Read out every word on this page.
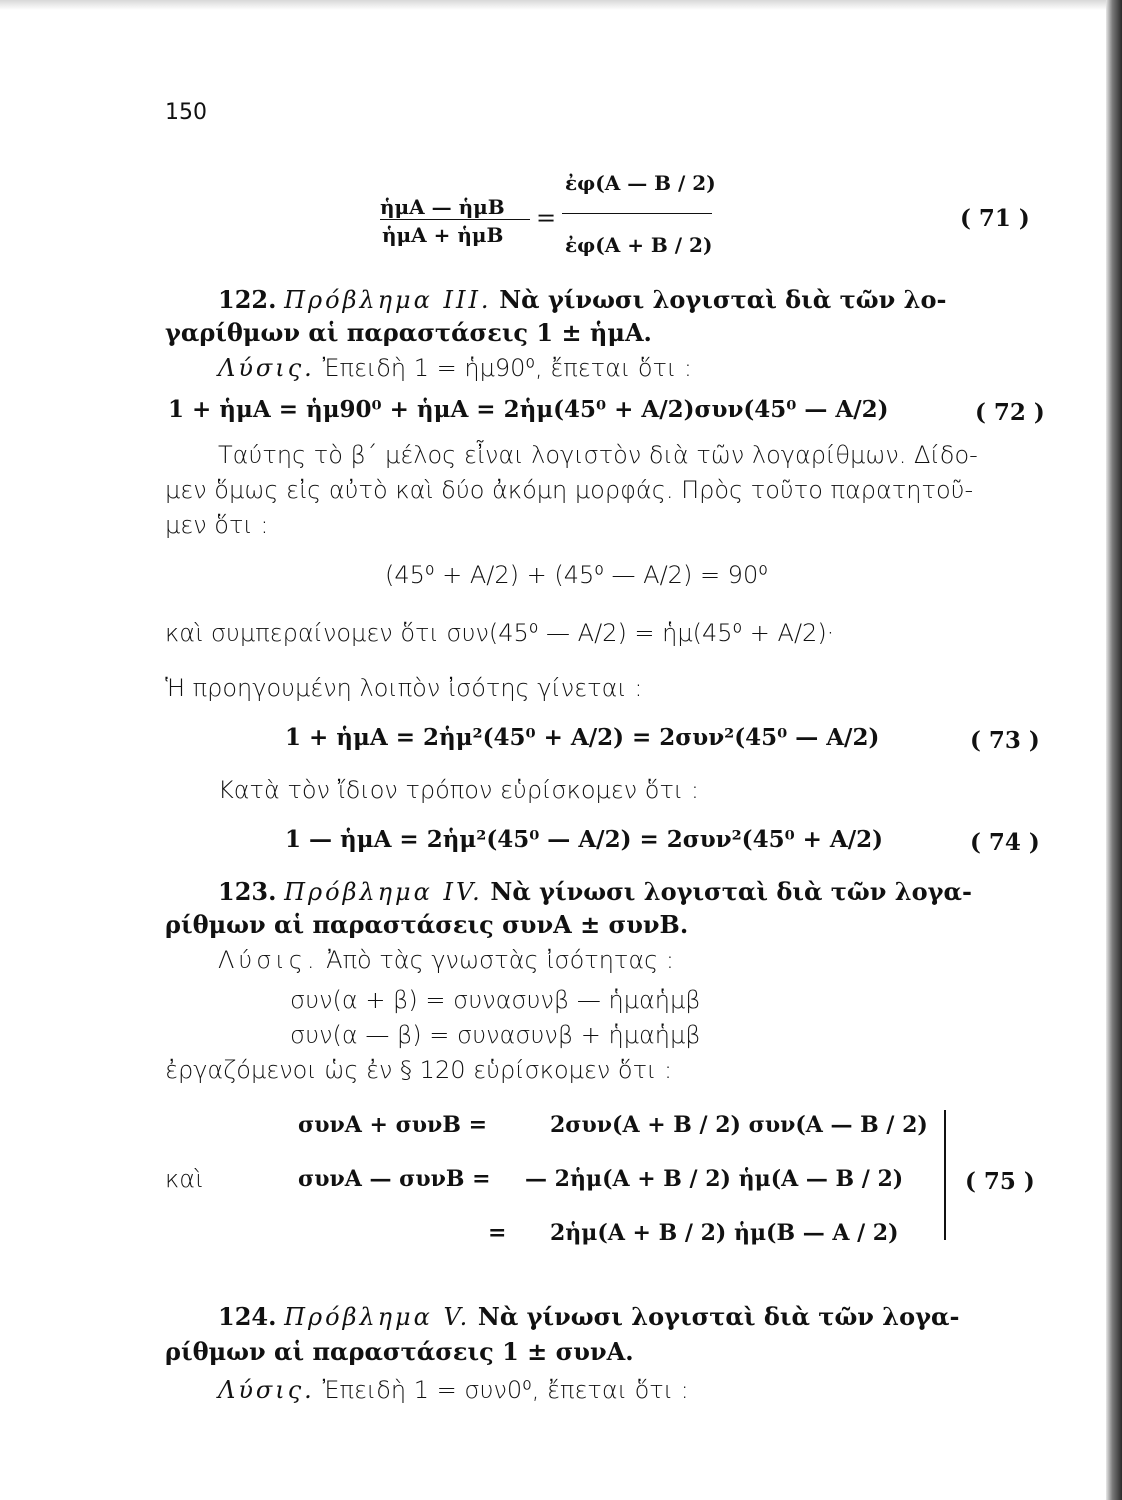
150
ἡμΑ — ἡμΒ
ἡμΑ + ἡμΒ
=
ἐφ(Α — Β / 2)
ἐφ(Α + Β / 2)
( 71 )
122. Πρόβλημα ΙΙΙ. Νὰ γίνωσι λογισταὶ διὰ τῶν λο-
γαρίθμων αἱ παραστάσεις 1 ± ἡμΑ.
Λύσις. Ἐπειδὴ 1 = ἡμ90⁰, ἔπεται ὅτι :
1 + ἡμΑ = ἡμ90⁰ + ἡμΑ = 2ἡμ(45⁰ + Α/2)συν(45⁰ — Α/2)	( 72 )
Ταύτης τὸ β΄ μέλος εἶναι λογιστὸν διὰ τῶν λογαρίθμων. Δίδο-
μεν ὅμως εἰς αὐτὸ καὶ δύο ἀκόμη μορφάς. Πρὸς τοῦτο παρατητοῦ-
μεν ὅτι :
(45⁰ + Α/2) + (45⁰ — Α/2) = 90⁰
καὶ συμπεραίνομεν ὅτι συν(45⁰ — Α/2) = ἡμ(45⁰ + Α/2)·
Ἡ προηγουμένη λοιπὸν ἰσότης γίνεται :
1 + ἡμΑ = 2ἡμ²(45⁰ + Α/2) = 2συν²(45⁰ — Α/2)	( 73 )
Κατὰ τὸν ἴδιον τρόπον εὑρίσκομεν ὅτι :
1 — ἡμΑ = 2ἡμ²(45⁰ — Α/2) = 2συν²(45⁰ + Α/2)	( 74 )
123. Πρόβλημα ΙV. Νὰ γίνωσι λογισταὶ διὰ τῶν λογα-
ρίθμων αἱ παραστάσεις συνΑ ± συνΒ.
Λύσις. Ἀπὸ τὰς γνωστὰς ἰσότητας :
συν(α + β) = συνασυνβ — ἡμαἡμβ
συν(α — β) = συνασυνβ + ἡμαἡμβ
ἐργαζόμενοι ὡς ἐν § 120 εὑρίσκομεν ὅτι :
συνΑ + συνΒ =	2συν(Α + Β / 2) συν(Α — Β / 2)
καὶ	συνΑ — συνΒ = — 2ἡμ(Α + Β / 2) ἡμ(Α — Β / 2)
= 2ἡμ(Α + Β / 2) ἡμ(Β — Α / 2)
( 75 )
124. Πρόβλημα V. Νὰ γίνωσι λογισταὶ διὰ τῶν λογα-
ρίθμων αἱ παραστάσεις 1 ± συνΑ.
Λύσις. Ἐπειδὴ 1 = συν0⁰, ἔπεται ὅτι :
